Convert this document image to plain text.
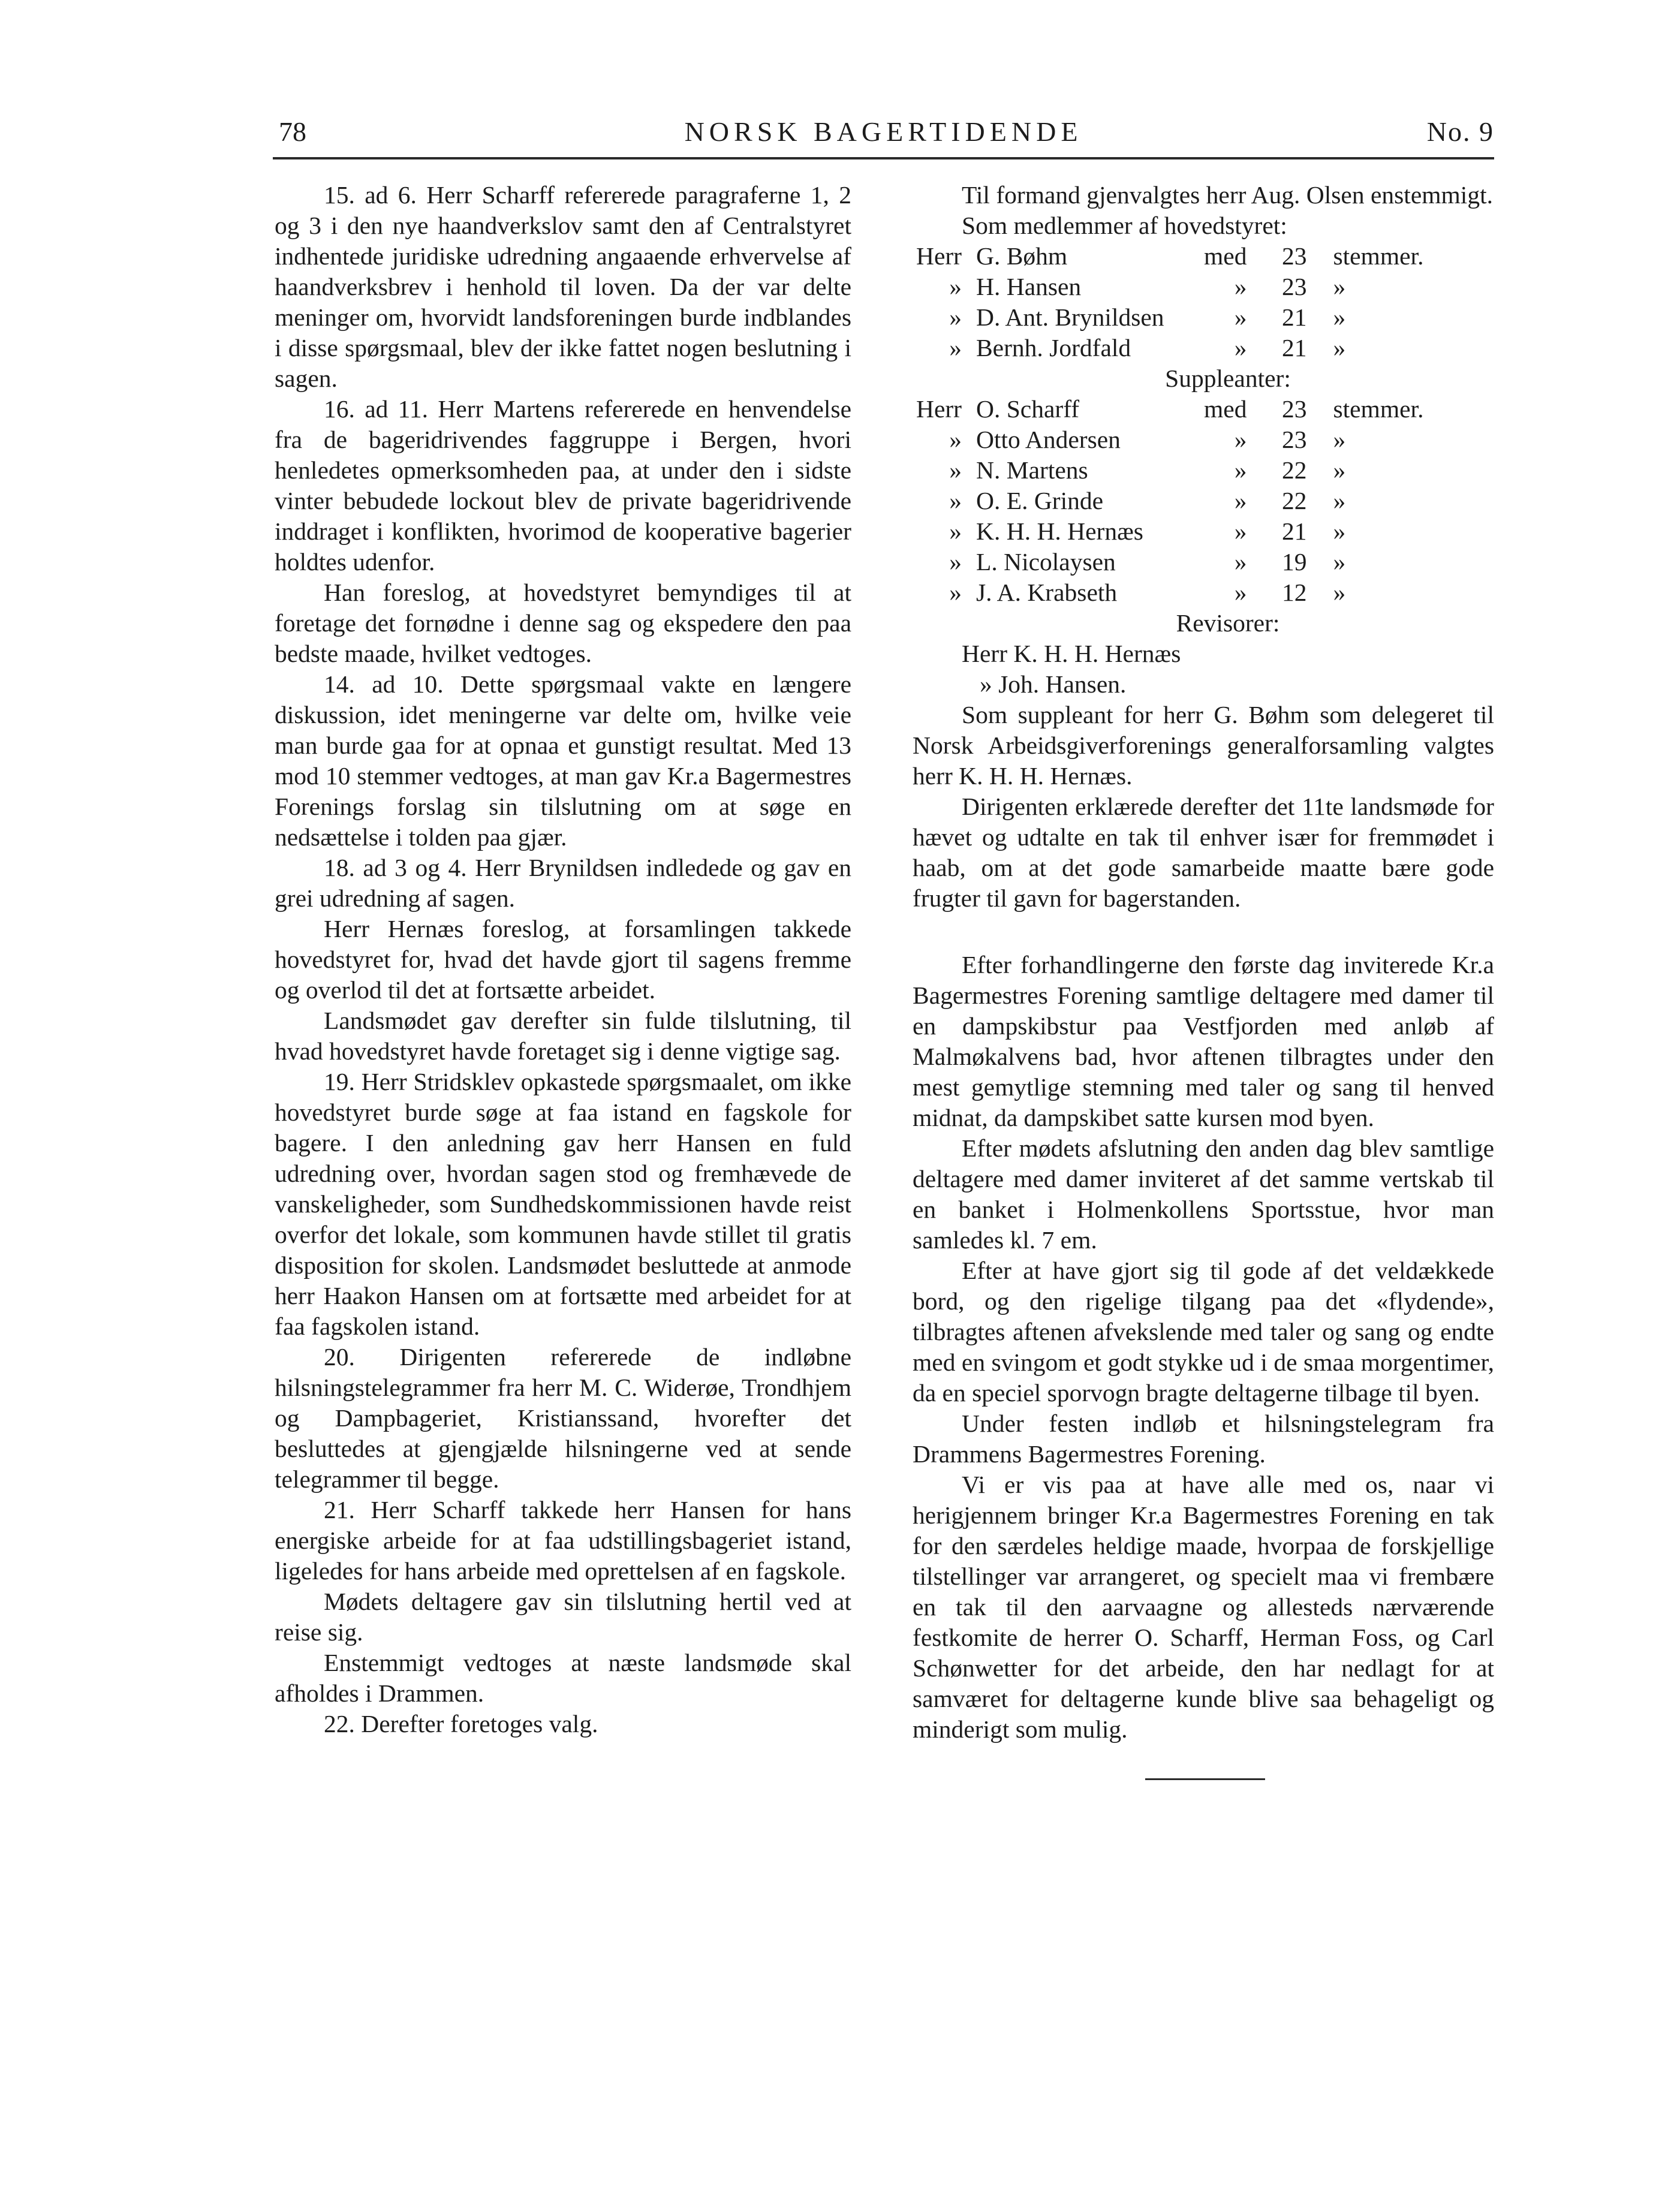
78	NORSK BAGERTIDENDE	No. 9

15. ad 6. Herr Scharff refererede paragraferne 1, 2 og 3 i den nye haandverkslov samt den af Centralstyret indhentede juridiske udredning angaaende erhvervelse af haandverksbrev i henhold til loven. Da der var delte meninger om, hvorvidt landsforeningen burde indblandes i disse spørgsmaal, blev der ikke fattet nogen beslutning i sagen.

16. ad 11. Herr Martens refererede en henvendelse fra de bageridrivendes faggruppe i Bergen, hvori henledetes opmerksomheden paa, at under den i sidste vinter bebudede lockout blev de private bageridrivende inddraget i konflikten, hvorimod de kooperative bagerier holdtes udenfor.

Han foreslog, at hovedstyret bemyndiges til at foretage det fornødne i denne sag og ekspedere den paa bedste maade, hvilket vedtoges.

14. ad 10. Dette spørgsmaal vakte en længere diskussion, idet meningerne var delte om, hvilke veie man burde gaa for at opnaa et gunstigt resultat. Med 13 mod 10 stemmer vedtoges, at man gav Kr.a Bagermestres Forenings forslag sin tilslutning om at søge en nedsættelse i tolden paa gjær.

18. ad 3 og 4. Herr Brynildsen indledede og gav en grei udredning af sagen.

Herr Hernæs foreslog, at forsamlingen takkede hovedstyret for, hvad det havde gjort til sagens fremme og overlod til det at fortsætte arbeidet.

Landsmødet gav derefter sin fulde tilslutning, til hvad hovedstyret havde foretaget sig i denne vigtige sag.

19. Herr Stridsklev opkastede spørgsmaalet, om ikke hovedstyret burde søge at faa istand en fagskole for bagere. I den anledning gav herr Hansen en fuld udredning over, hvordan sagen stod og fremhævede de vanskeligheder, som Sundhedskommissionen havde reist overfor det lokale, som kommunen havde stillet til gratis disposition for skolen. Landsmødet besluttede at anmode herr Haakon Hansen om at fortsætte med arbeidet for at faa fagskolen istand.

20. Dirigenten refererede de indløbne hilsningstelegrammer fra herr M. C. Widerøe, Trondhjem og Dampbageriet, Kristianssand, hvorefter det besluttedes at gjengjælde hilsningerne ved at sende telegrammer til begge.

21. Herr Scharff takkede herr Hansen for hans energiske arbeide for at faa udstillingsbageriet istand, ligeledes for hans arbeide med oprettelsen af en fagskole.

Mødets deltagere gav sin tilslutning hertil ved at reise sig.

Enstemmigt vedtoges at næste landsmøde skal afholdes i Drammen.

22. Derefter foretoges valg.

Til formand gjenvalgtes herr Aug. Olsen enstemmigt.

Som medlemmer af hovedstyret:

Herr	G. Bøhm	med	23	stemmer.
»	H. Hansen	»	23	»
»	D. Ant. Brynildsen	»	21	»
»	Bernh. Jordfald	»	21	»

Suppleanter:

Herr	O. Scharff	med	23	stemmer.
»	Otto Andersen	»	23	»
»	N. Martens	»	22	»
»	O. E. Grinde	»	22	»
»	K. H. H. Hernæs	»	21	»
»	L. Nicolaysen	»	19	»
»	J. A. Krabseth	»	12	»

Revisorer:

Herr K. H. H. Hernæs
» Joh. Hansen.

Som suppleant for herr G. Bøhm som delegeret til Norsk Arbeidsgiverforenings generalforsamling valgtes herr K. H. H. Hernæs.

Dirigenten erklærede derefter det 11te landsmøde for hævet og udtalte en tak til enhver især for fremmødet i haab, om at det gode samarbeide maatte bære gode frugter til gavn for bagerstanden.

Efter forhandlingerne den første dag inviterede Kr.a Bagermestres Forening samtlige deltagere med damer til en dampskibstur paa Vestfjorden med anløb af Malmøkalvens bad, hvor aftenen tilbragtes under den mest gemytlige stemning med taler og sang til henved midnat, da dampskibet satte kursen mod byen.

Efter mødets afslutning den anden dag blev samtlige deltagere med damer inviteret af det samme vertskab til en banket i Holmenkollens Sportsstue, hvor man samledes kl. 7 em.

Efter at have gjort sig til gode af det veldækkede bord, og den rigelige tilgang paa det «flydende», tilbragtes aftenen afvekslende med taler og sang og endte med en svingom et godt stykke ud i de smaa morgentimer, da en speciel sporvogn bragte deltagerne tilbage til byen.

Under festen indløb et hilsningstelegram fra Drammens Bagermestres Forening.

Vi er vis paa at have alle med os, naar vi herigjennem bringer Kr.a Bagermestres Forening en tak for den særdeles heldige maade, hvorpaa de forskjellige tilstellinger var arrangeret, og specielt maa vi frembære en tak til den aarvaagne og allesteds nærværende festkomite de herrer O. Scharff, Herman Foss, og Carl Schønwetter for det arbeide, den har nedlagt for at samværet for deltagerne kunde blive saa behageligt og minderigt som mulig.
